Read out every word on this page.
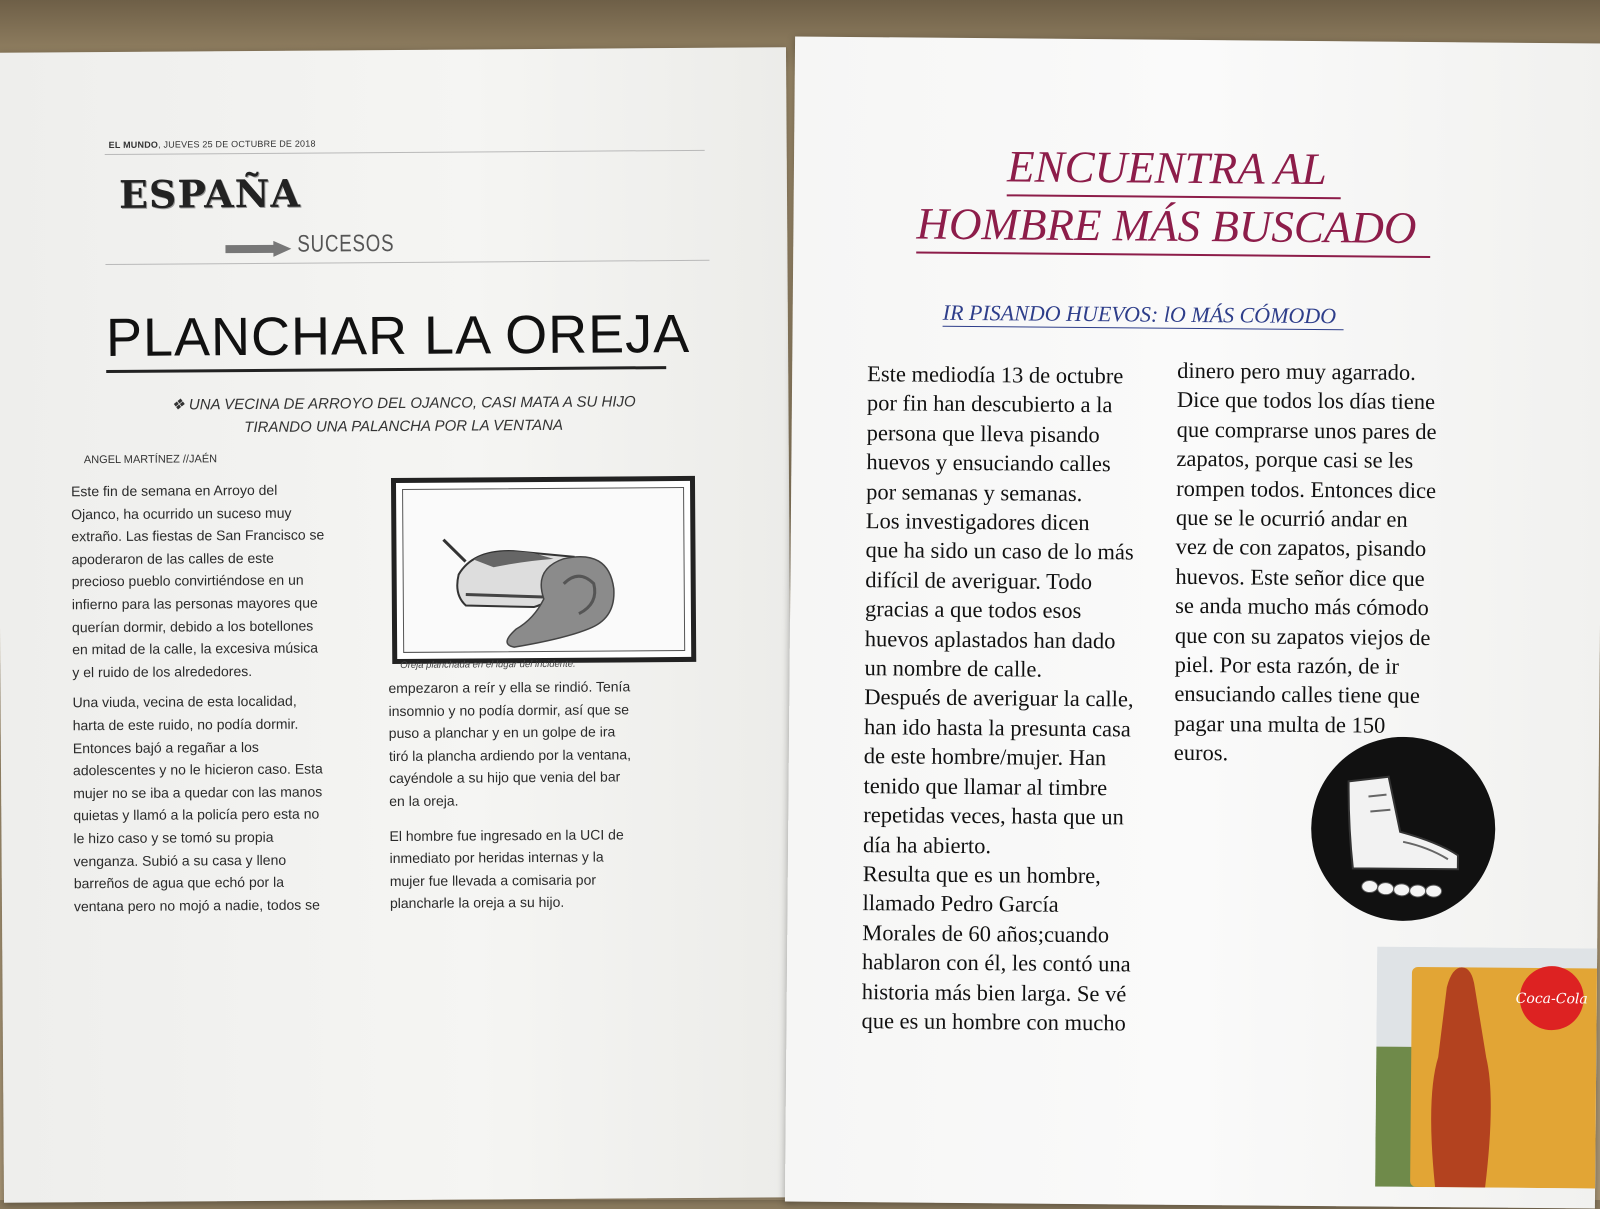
EL MUNDO, JUEVES 25 DE OCTUBRE DE 2018
ESPAÑA
SUCESOS
PLANCHAR LA OREJA
❖ UNA VECINA DE ARROYO DEL OJANCO, CASI MATA A SU HIJO TIRANDO UNA PALANCHA POR LA VENTANA
ANGEL MARTÍNEZ //JAÉN

Este fin de semana en Arroyo del
Ojanco, ha ocurrido un suceso muy
extraño. Las fiestas de San Francisco se
apoderaron de las calles de este
precioso pueblo convirtiéndose en un
infierno para las personas mayores que
querían dormir, debido a los botellones
en mitad de la calle, la excesiva música
y el ruido de los alrededores.

Una viuda, vecina de esta localidad,
harta de este ruido, no podía dormir.
Entonces bajó a regañar a los
adolescentes y no le hicieron caso. Esta
mujer no se iba a quedar con las manos
quietas y llamó a la policía pero esta no
le hizo caso y se tomó su propia
venganza. Subió a su casa y lleno
barreños de agua que echó por la
ventana pero no mojó a nadie, todos se

Oreja planchada en el lugar del incidente.

empezaron a reír y ella se rindió. Tenía
insomnio y no podía dormir, así que se
puso a planchar y en un golpe de ira
tiró la plancha ardiendo por la ventana,
cayéndole a su hijo que venia del bar
en la oreja.

El hombre fue ingresado en la UCI de
inmediato por heridas internas y la
mujer fue llevada a comisaria por
plancharle la oreja a su hijo.

ENCUENTRA AL
HOMBRE MÁS BUSCADO
IR PISANDO HUEVOS: lO MÁS CÓMODO
Este mediodía 13 de octubre
por fin han descubierto a la
persona que lleva pisando
huevos y ensuciando calles
por semanas y semanas.
Los investigadores dicen
que ha sido un caso de lo más
difícil de averiguar. Todo
gracias a que todos esos
huevos aplastados han dado
un nombre de calle.
Después de averiguar la calle,
han ido hasta la presunta casa
de este hombre/mujer. Han
tenido que llamar al timbre
repetidas veces, hasta que un
día ha abierto.
Resulta que es un hombre,
llamado Pedro García
Morales de 60 años;cuando
hablaron con él, les contó una
historia más bien larga. Se vé
que es un hombre con mucho
dinero pero muy agarrado.
Dice que todos los días tiene
que comprarse unos pares de
zapatos, porque casi se les
rompen todos. Entonces dice
que se le ocurrió andar en
vez de con zapatos, pisando
huevos. Este señor dice que
se anda mucho más cómodo
que con su zapatos viejos de
piel. Por esta razón, de ir
ensuciando calles tiene que
pagar una multa de 150
euros.
Coca-Cola
